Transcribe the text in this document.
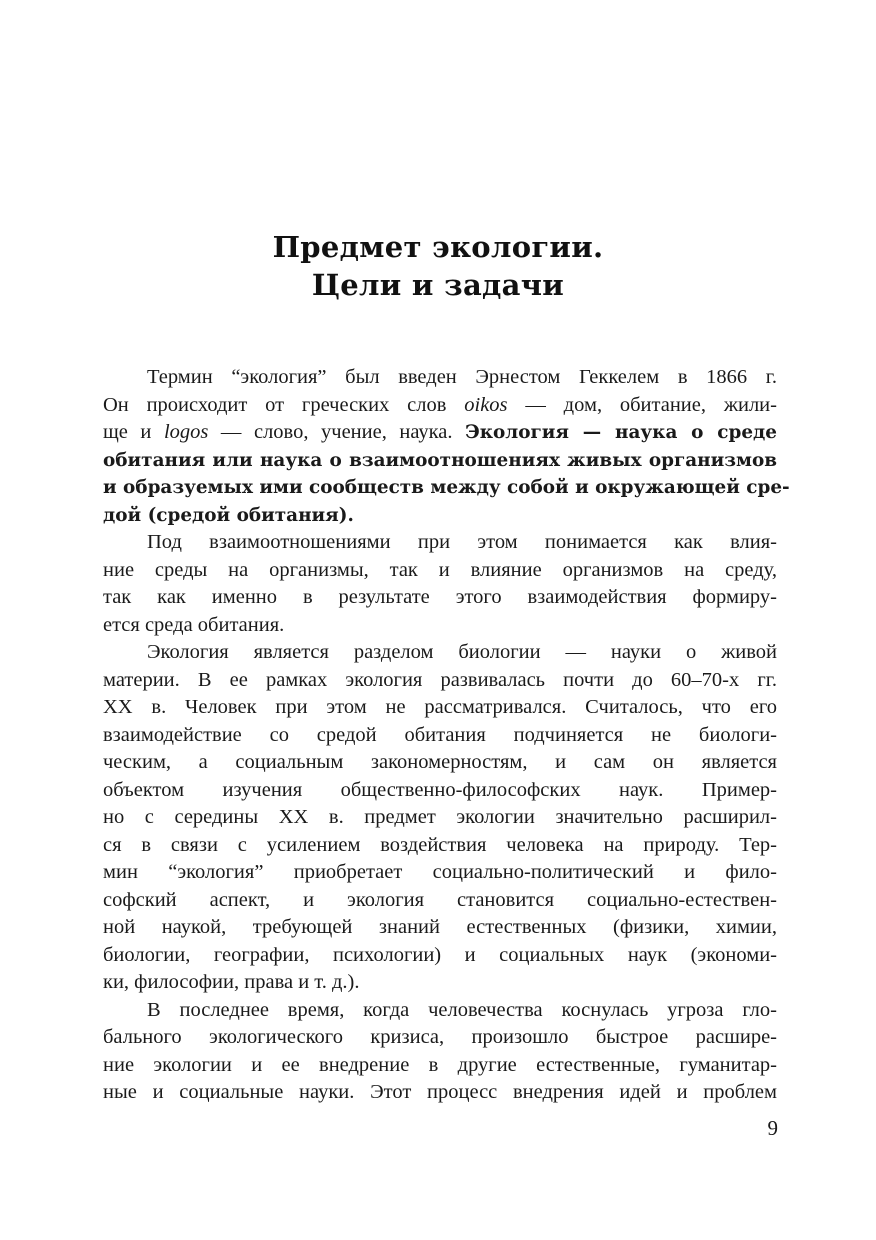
Предмет экологии.
Цели и задачи
Термин “экология” был введен Эрнестом Геккелем в 1866 г.
Он происходит от греческих слов oikos — дом, обитание, жили-
ще и logos — слово, учение, наука. Экология — наука о среде
обитания или наука о взаимоотношениях живых организмов
и образуемых ими сообществ между собой и окружающей сре-
дой (средой обитания).
Под взаимоотношениями при этом понимается как влия-
ние среды на организмы, так и влияние организмов на среду,
так как именно в результате этого взаимодействия формиру-
ется среда обитания.
Экология является разделом биологии — науки о живой
материи. В ее рамках экология развивалась почти до 60–70-х гг.
XX в. Человек при этом не рассматривался. Считалось, что его
взаимодействие со средой обитания подчиняется не биологи-
ческим, а социальным закономерностям, и сам он является
объектом изучения общественно-философских наук. Пример-
но с середины XX в. предмет экологии значительно расширил-
ся в связи с усилением воздействия человека на природу. Тер-
мин “экология” приобретает социально-политический и фило-
софский аспект, и экология становится социально-естествен-
ной наукой, требующей знаний естественных (физики, химии,
биологии, географии, психологии) и социальных наук (экономи-
ки, философии, права и т. д.).
В последнее время, когда человечества коснулась угроза гло-
бального экологического кризиса, произошло быстрое расшире-
ние экологии и ее внедрение в другие естественные, гуманитар-
ные и социальные науки. Этот процесс внедрения идей и проблем
9
